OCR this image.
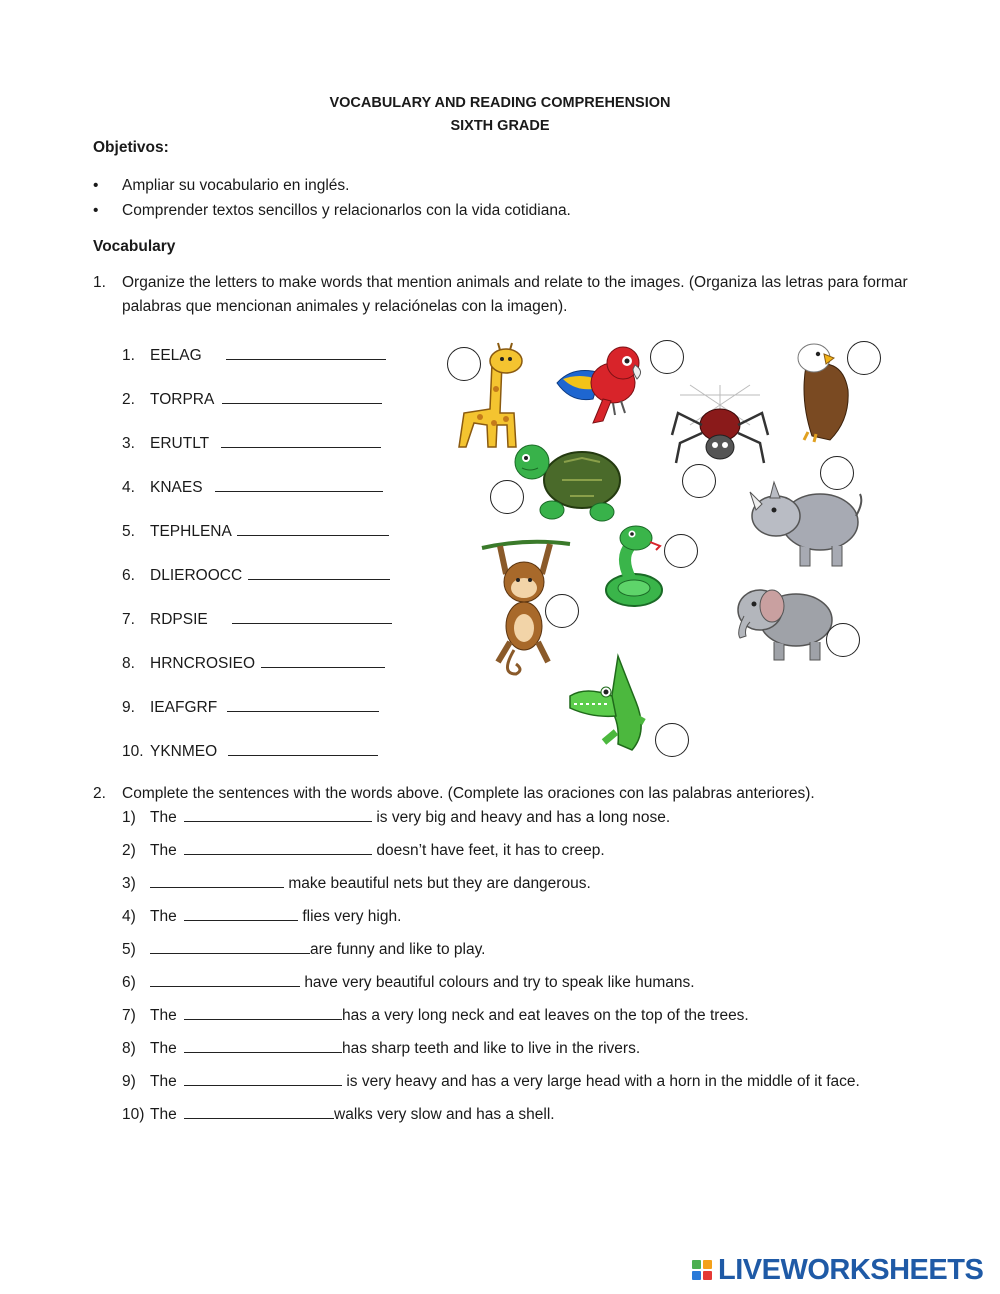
VOCABULARY AND READING COMPREHENSION
SIXTH GRADE
Objetivos:
•	Ampliar su vocabulario en inglés.
•	Comprender textos sencillos y relacionarlos con la vida cotidiana.
Vocabulary
1. Organize the letters to make words that mention animals and relate to the images. (Organiza las letras para formar palabras que mencionan animales y relaciónelas con la imagen).
1. EELAG
2. TORPRA
3. ERUTLT
4. KNAES
5. TEPHLENA
6. DLIEROOCC
7. RDPSIE
8. HRNCROSIEO
9. IEAFGRF
10. YKNMEO
2. Complete the sentences with the words above. (Complete las oraciones con las palabras anteriores).
1) The	is very big and heavy and has a long nose.
2) The	doesn’t have feet, it has to creep.
3)	make beautiful nets but they are dangerous.
4) The	flies very high.
5)	are funny and like to play.
6)	have very beautiful colours and try to speak like humans.
7) The	has a very long neck and eat leaves on the top of the trees.
8) The	has sharp teeth and like to live in the rivers.
9) The	is very heavy and has a very large head with a horn in the middle of it face.
10) The	walks very slow and has a shell.
LIVEWORKSHEETS
